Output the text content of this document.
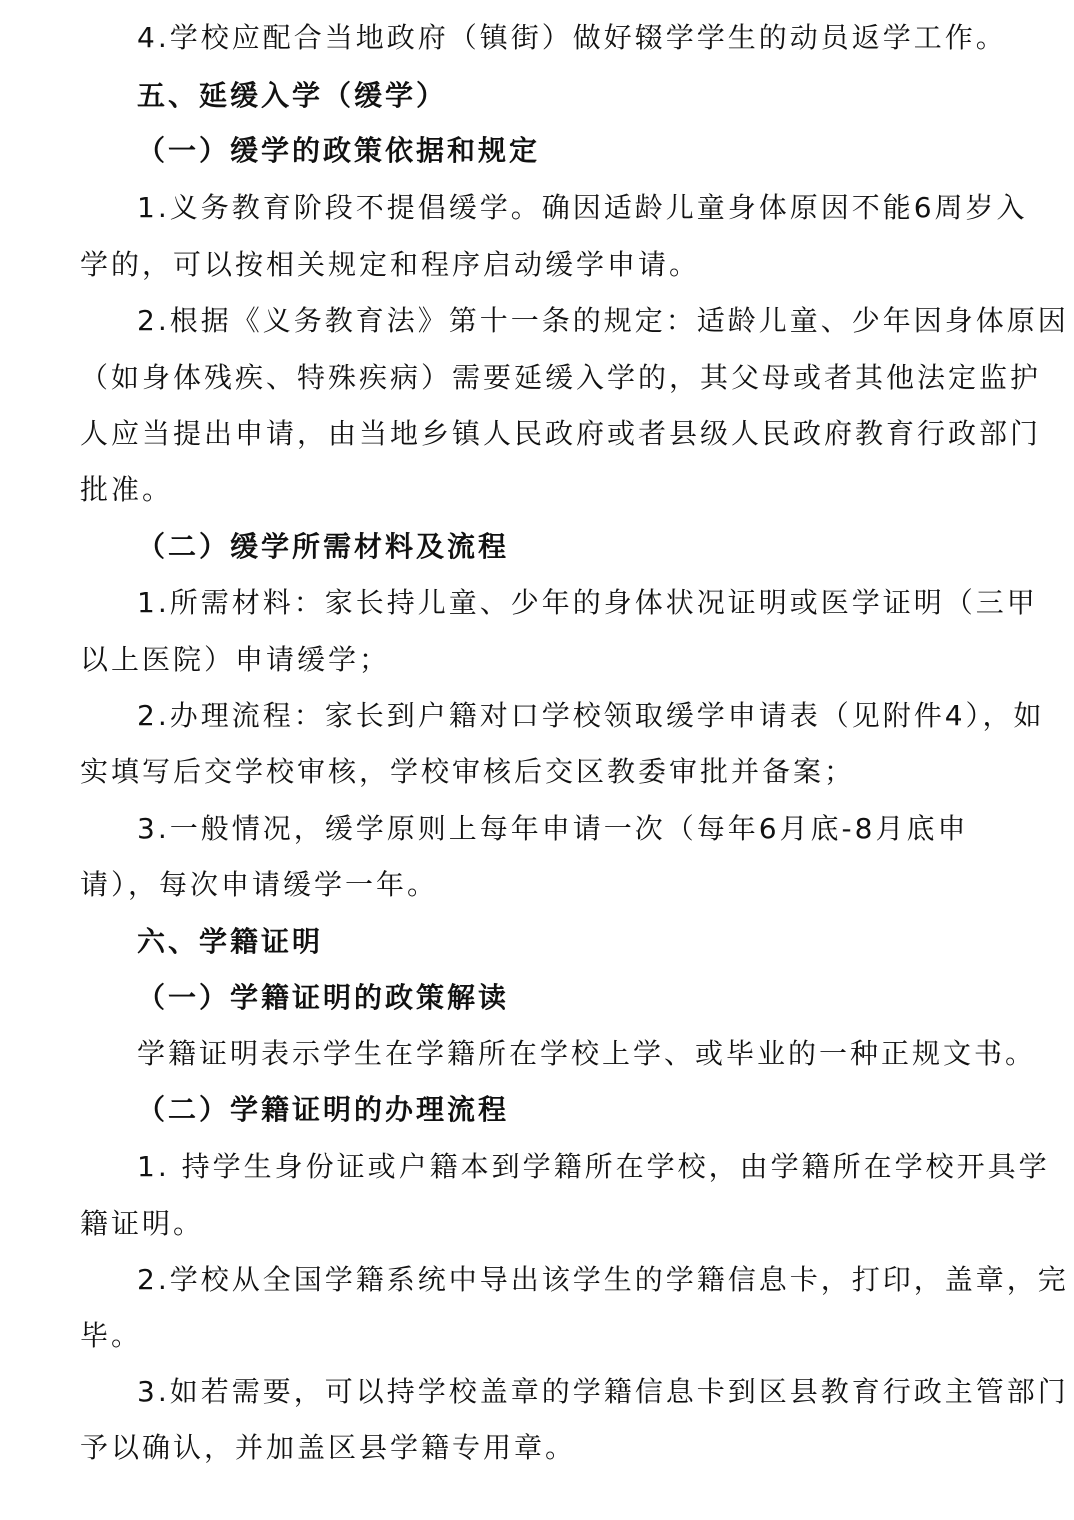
4.学校应配合当地政府（镇街）做好辍学学生的动员返学工作。
五、延缓入学（缓学）
（一）缓学的政策依据和规定
1.义务教育阶段不提倡缓学。确因适龄儿童身体原因不能6周岁入
学的，可以按相关规定和程序启动缓学申请。
2.根据《义务教育法》第十一条的规定：适龄儿童、少年因身体原因
（如身体残疾、特殊疾病）需要延缓入学的，其父母或者其他法定监护
人应当提出申请，由当地乡镇人民政府或者县级人民政府教育行政部门
批准。
（二）缓学所需材料及流程
1.所需材料：家长持儿童、少年的身体状况证明或医学证明（三甲
以上医院）申请缓学；
2.办理流程：家长到户籍对口学校领取缓学申请表（见附件4），如
实填写后交学校审核，学校审核后交区教委审批并备案；
3.一般情况，缓学原则上每年申请一次（每年6月底-8月底申
请），每次申请缓学一年。
六、学籍证明
（一）学籍证明的政策解读
学籍证明表示学生在学籍所在学校上学、或毕业的一种正规文书。
（二）学籍证明的办理流程
1. 持学生身份证或户籍本到学籍所在学校，由学籍所在学校开具学
籍证明。
2.学校从全国学籍系统中导出该学生的学籍信息卡，打印，盖章，完
毕。
3.如若需要，可以持学校盖章的学籍信息卡到区县教育行政主管部门
予以确认，并加盖区县学籍专用章。
